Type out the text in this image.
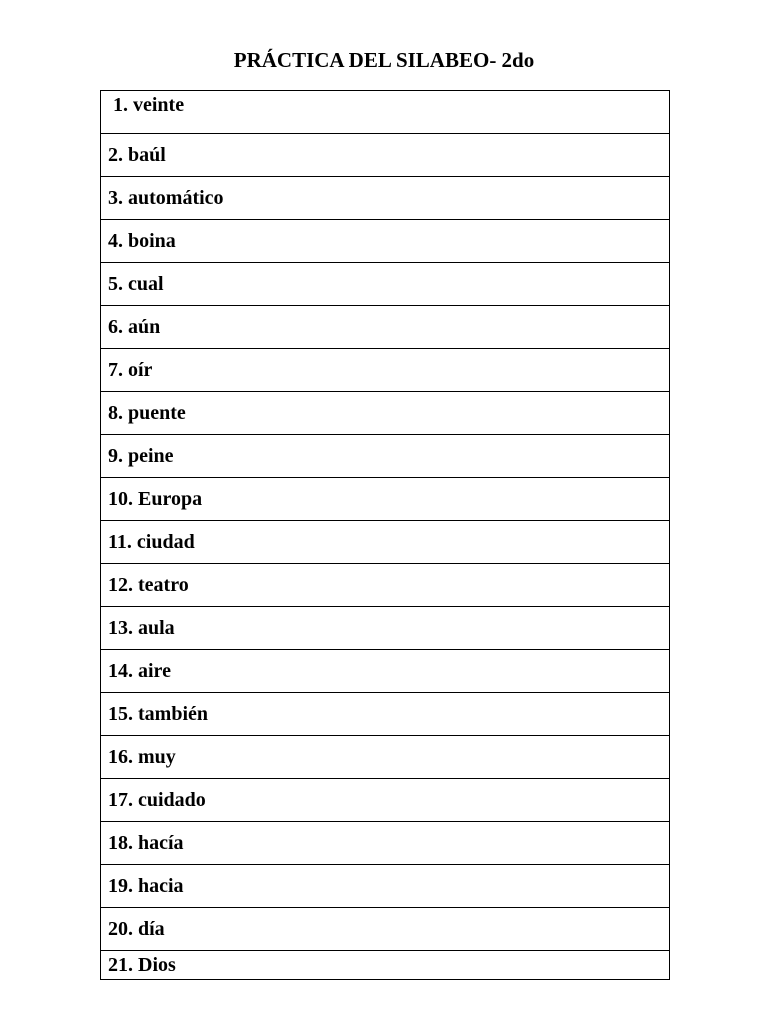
PRÁCTICA DEL SILABEO- 2do
1. veinte
2. baúl
3. automático
4. boina
5. cual
6. aún
7. oír
8. puente
9. peine
10. Europa
11. ciudad
12. teatro
13. aula
14. aire
15. también
16. muy
17. cuidado
18. hacía
19. hacia
20. día
21. Dios
